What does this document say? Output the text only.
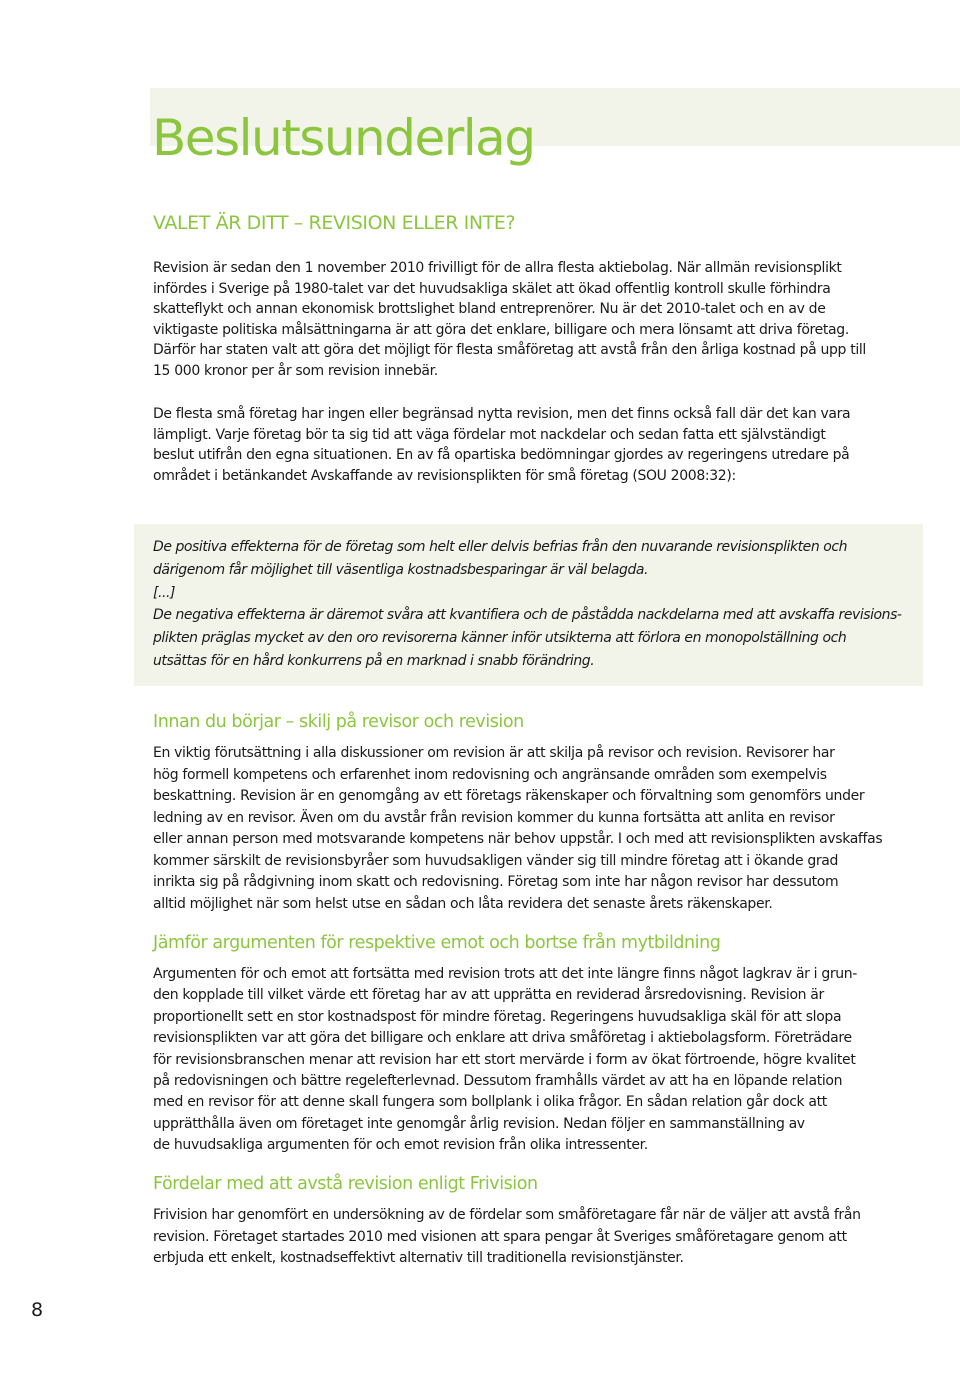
Beslutsunderlag
VALET ÄR DITT – REVISION ELLER INTE?

Revision är sedan den 1 november 2010 frivilligt för de allra flesta aktiebolag. När allmän revisionsplikt
infördes i Sverige på 1980-talet var det huvudsakliga skälet att ökad offentlig kontroll skulle förhindra
skatteflykt och annan ekonomisk brottslighet bland entreprenörer. Nu är det 2010-talet och en av de
viktigaste politiska målsättningarna är att göra det enklare, billigare och mera lönsamt att driva företag.
Därför har staten valt att göra det möjligt för flesta småföretag att avstå från den årliga kostnad på upp till
15 000 kronor per år som revision innebär.

De flesta små företag har ingen eller begränsad nytta revision, men det finns också fall där det kan vara
lämpligt. Varje företag bör ta sig tid att väga fördelar mot nackdelar och sedan fatta ett självständigt
beslut utifrån den egna situationen. En av få opartiska bedömningar gjordes av regeringens utredare på
området i betänkandet Avskaffande av revisionsplikten för små företag (SOU 2008:32):

De positiva effekterna för de företag som helt eller delvis befrias från den nuvarande revisionsplikten och
därigenom får möjlighet till väsentliga kostnadsbesparingar är väl belagda.

[...]

De negativa effekterna är däremot svåra att kvantifiera och de påstådda nackdelarna med att avskaffa revisions-
plikten präglas mycket av den oro revisorerna känner inför utsikterna att förlora en monopolställning och
utsättas för en hård konkurrens på en marknad i snabb förändring.

Innan du börjar – skilj på revisor och revision

En viktig förutsättning i alla diskussioner om revision är att skilja på revisor och revision. Revisorer har
hög formell kompetens och erfarenhet inom redovisning och angränsande områden som exempelvis
beskattning. Revision är en genomgång av ett företags räkenskaper och förvaltning som genomförs under
ledning av en revisor. Även om du avstår från revision kommer du kunna fortsätta att anlita en revisor
eller annan person med motsvarande kompetens när behov uppstår. I och med att revisionsplikten avskaffas
kommer särskilt de revisionsbyråer som huvudsakligen vänder sig till mindre företag att i ökande grad
inrikta sig på rådgivning inom skatt och redovisning. Företag som inte har någon revisor har dessutom
alltid möjlighet när som helst utse en sådan och låta revidera det senaste årets räkenskaper.

Jämför argumenten för respektive emot och bortse från mytbildning

Argumenten för och emot att fortsätta med revision trots att det inte längre finns något lagkrav är i grun-
den kopplade till vilket värde ett företag har av att upprätta en reviderad årsredovisning. Revision är
proportionellt sett en stor kostnadspost för mindre företag. Regeringens huvudsakliga skäl för att slopa
revisionsplikten var att göra det billigare och enklare att driva småföretag i aktiebolagsform. Företrädare
för revisionsbranschen menar att revision har ett stort mervärde i form av ökat förtroende, högre kvalitet
på redovisningen och bättre regelefterlevnad. Dessutom framhålls värdet av att ha en löpande relation
med en revisor för att denne skall fungera som bollplank i olika frågor. En sådan relation går dock att
upprätthålla även om företaget inte genomgår årlig revision. Nedan följer en sammanställning av
de huvudsakliga argumenten för och emot revision från olika intressenter.

Fördelar med att avstå revision enligt Frivision

Frivision har genomfört en undersökning av de fördelar som småföretagare får när de väljer att avstå från
revision. Företaget startades 2010 med visionen att spara pengar åt Sveriges småföretagare genom att
erbjuda ett enkelt, kostnadseffektivt alternativ till traditionella revisionstjänster.

8
